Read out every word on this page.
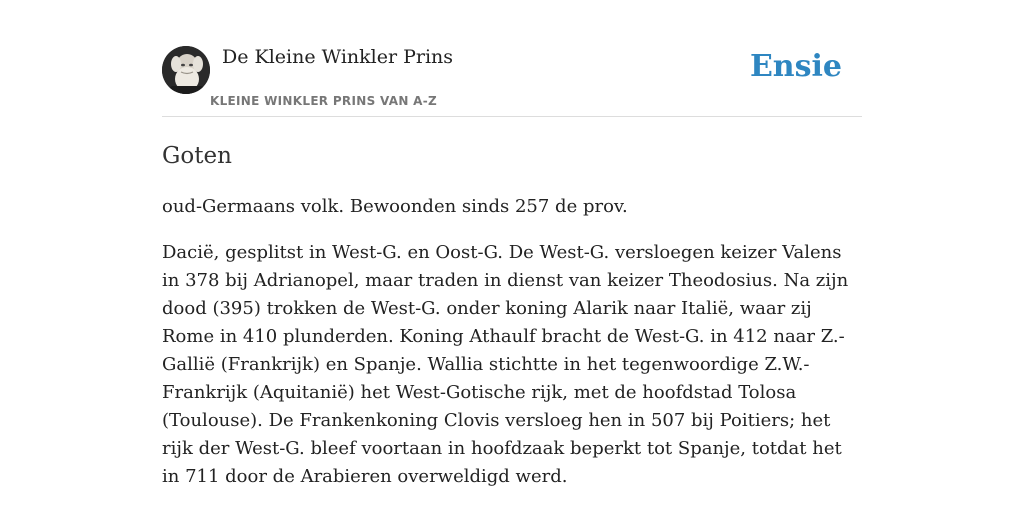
De Kleine Winkler Prins
KLEINE WINKLER PRINS VAN A-Z
Ensie
Goten

oud-Germaans volk. Bewoonden sinds 257 de prov.

Dacië, gesplitst in West-G. en Oost-G. De West-G. versloegen keizer Valens in 378 bij Adrianopel, maar traden in dienst van keizer Theodosius. Na zijn dood (395) trokken de West-G. onder koning Alarik naar Italië, waar zij Rome in 410 plunderden. Koning Athaulf bracht de West-G. in 412 naar Z.-Gallië (Frankrijk) en Spanje. Wallia stichtte in het tegenwoordige Z.W.-Frankrijk (Aquitanië) het West-Gotische rijk, met de hoofdstad Tolosa (Toulouse). De Frankenkoning Clovis versloeg hen in 507 bij Poitiers; het rijk der West-G. bleef voortaan in hoofdzaak beperkt tot Spanje, totdat het in 711 door de Arabieren overweldigd werd.
